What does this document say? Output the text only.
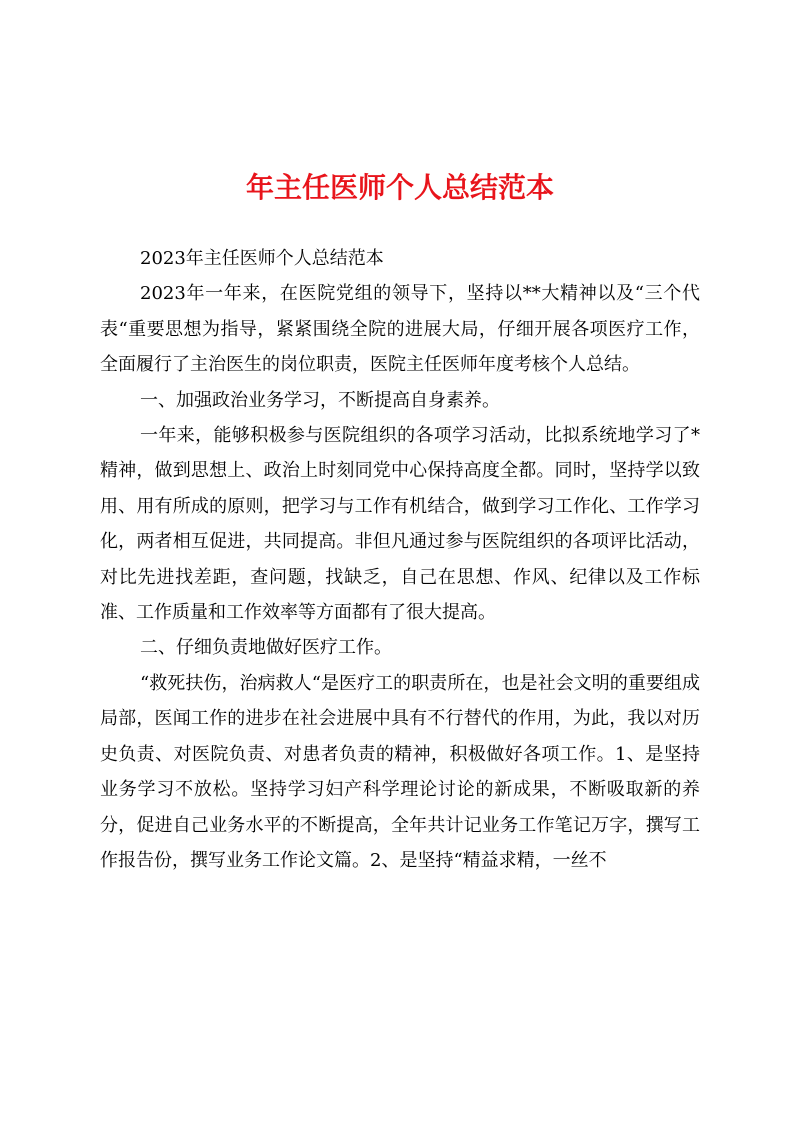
年主任医师个人总结范本

2023年主任医师个人总结范本

2023年一年来，在医院党组的领导下，坚持以**大精神以及“三个代表“重要思想为指导，紧紧围绕全院的进展大局，仔细开展各项医疗工作，全面履行了主治医生的岗位职责，医院主任医师年度考核个人总结。

一、加强政治业务学习，不断提高自身素养。

一年来，能够积极参与医院组织的各项学习活动，比拟系统地学习了*精神，做到思想上、政治上时刻同党中心保持高度全都。同时，坚持学以致用、用有所成的原则，把学习与工作有机结合，做到学习工作化、工作学习化，两者相互促进，共同提高。非但凡通过参与医院组织的各项评比活动，对比先进找差距，查问题，找缺乏，自己在思想、作风、纪律以及工作标准、工作质量和工作效率等方面都有了很大提高。

二、仔细负责地做好医疗工作。

“救死扶伤，治病救人“是医疗工的职责所在，也是社会文明的重要组成局部，医闻工作的进步在社会进展中具有不行替代的作用，为此，我以对历史负责、对医院负责、对患者负责的精神，积极做好各项工作。1、是坚持业务学习不放松。坚持学习妇产科学理论讨论的新成果，不断吸取新的养分，促进自己业务水平的不断提高，全年共计记业务工作笔记万字，撰写工作报告份，撰写业务工作论文篇。2、是坚持“精益求精，一丝不
